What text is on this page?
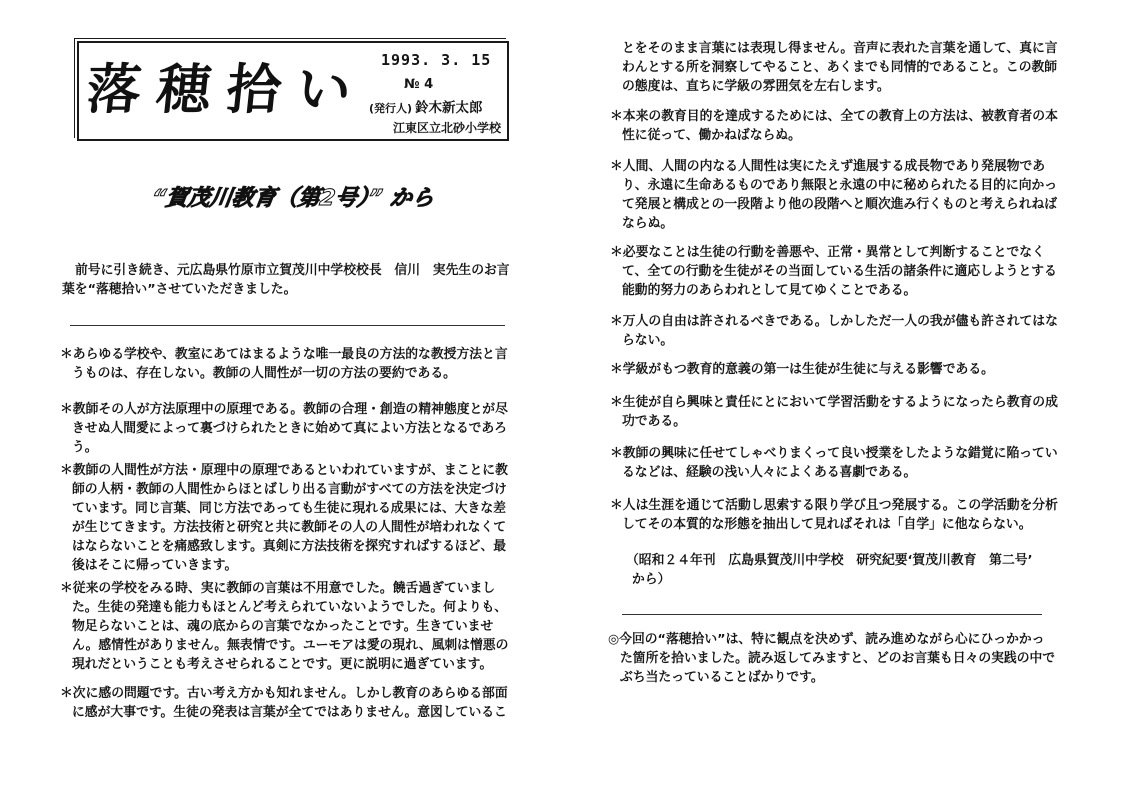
落穂拾い 1993. 3. 15
№ 4
(発行人) 鈴木新太郎
江東区立北砂小学校
“賀茂川教育（第2号）” から
前号に引き続き、元広島県竹原市立賀茂川中学校校長　信川　実先生のお言
葉を“落穂拾い”させていただきました。
＊あらゆる学校や、教室にあてはまるような唯一最良の方法的な教授方法と言
うものは、存在しない。教師の人間性が一切の方法の要約である。
＊教師その人が方法原理中の原理である。教師の合理・創造の精神態度とが尽
きせぬ人間愛によって裏づけられたときに始めて真によい方法となるであろ
う。
＊教師の人間性が方法・原理中の原理であるといわれていますが、まことに教
師の人柄・教師の人間性からほとばしり出る言動がすべての方法を決定づけ
ています。同じ言葉、同じ方法であっても生徒に現れる成果には、大きな差
が生じてきます。方法技術と研究と共に教師その人の人間性が培われなくて
はならないことを痛感致します。真剣に方法技術を探究すればするほど、最
後はそこに帰っていきます。
＊従来の学校をみる時、実に教師の言葉は不用意でした。饒舌過ぎていまし
た。生徒の発達も能力もほとんど考えられていないようでした。何よりも、
物足らないことは、魂の底からの言葉でなかったことです。生きていませ
ん。感情性がありません。無表情です。ユーモアは愛の現れ、風刺は憎悪の
現れだということも考えさせられることです。更に説明に過ぎています。
＊次に感の問題です。古い考え方かも知れません。しかし教育のあらゆる部面
に感が大事です。生徒の発表は言葉が全てではありません。意図しているこ
とをそのまま言葉には表現し得ません。音声に表れた言葉を通して、真に言
わんとする所を洞察してやること、あくまでも同情的であること。この教師
の態度は、直ちに学級の雰囲気を左右します。
＊本来の教育目的を達成するためには、全ての教育上の方法は、被教育者の本
性に従って、働かねばならぬ。
＊人間、人間の内なる人間性は実にたえず進展する成長物であり発展物であ
り、永遠に生命あるものであり無限と永遠の中に秘められたる目的に向かっ
て発展と構成との一段階より他の段階へと順次進み行くものと考えられねば
ならぬ。
＊必要なことは生徒の行動を善悪や、正常・異常として判断することでなく
て、全ての行動を生徒がその当面している生活の諸条件に適応しようとする
能動的努力のあらわれとして見てゆくことである。
＊万人の自由は許されるべきである。しかしただ一人の我が儘も許されてはな
らない。
＊学級がもつ教育的意義の第一は生徒が生徒に与える影響である。
＊生徒が自ら興味と責任にとにおいて学習活動をするようになったら教育の成
功である。
＊教師の興味に任せてしゃべりまくって良い授業をしたような錯覚に陥ってい
るなどは、経験の浅い人々によくある喜劇である。
＊人は生涯を通じて活動し思索する限り学び且つ発展する。この学活動を分析
してその本質的な形態を抽出して見ればそれは「自学」に他ならない。
（昭和２４年刊　広島県賀茂川中学校　研究紀要‘賀茂川教育　第二号’
から）
◎今回の“落穂拾い”は、特に観点を決めず、読み進めながら心にひっかかっ
た箇所を拾いました。読み返してみますと、どのお言葉も日々の実践の中で
ぶち当たっていることばかりです。
